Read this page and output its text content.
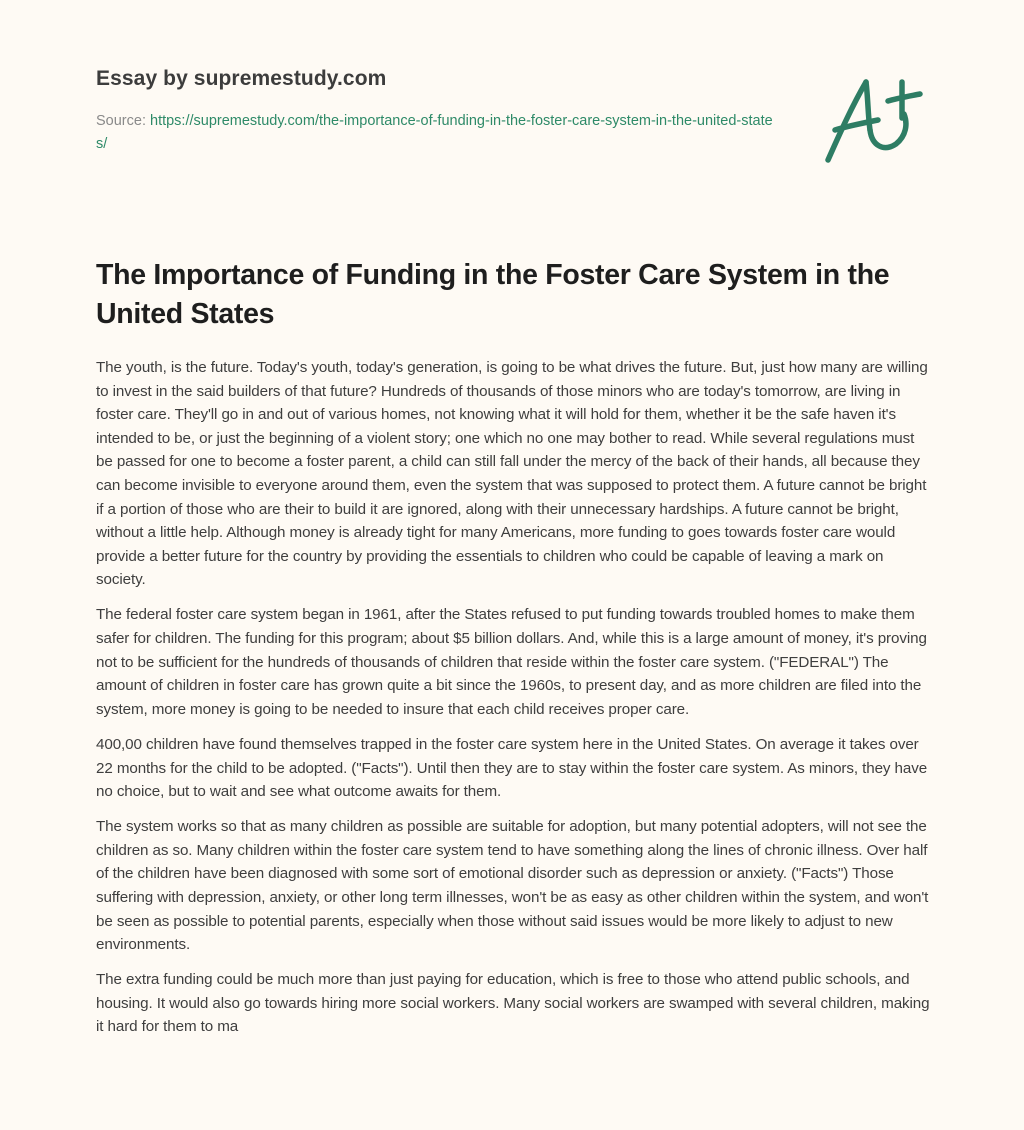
Essay by supremestudy.com
Source: https://supremestudy.com/the-importance-of-funding-in-the-foster-care-system-in-the-united-states/
The Importance of Funding in the Foster Care System in the United States

The youth, is the future. Today's youth, today's generation, is going to be what drives the future. But, just how many are willing to invest in the said builders of that future? Hundreds of thousands of those minors who are today's tomorrow, are living in foster care. They'll go in and out of various homes, not knowing what it will hold for them, whether it be the safe haven it's intended to be, or just the beginning of a violent story; one which no one may bother to read. While several regulations must be passed for one to become a foster parent, a child can still fall under the mercy of the back of their hands, all because they can become invisible to everyone around them, even the system that was supposed to protect them. A future cannot be bright if a portion of those who are their to build it are ignored, along with their unnecessary hardships. A future cannot be bright, without a little help. Although money is already tight for many Americans, more funding to goes towards foster care would provide a better future for the country by providing the essentials to children who could be capable of leaving a mark on society.

The federal foster care system began in 1961, after the States refused to put funding towards troubled homes to make them safer for children. The funding for this program; about $5 billion dollars. And, while this is a large amount of money, it's proving not to be sufficient for the hundreds of thousands of children that reside within the foster care system. ("FEDERAL") The amount of children in foster care has grown quite a bit since the 1960s, to present day, and as more children are filed into the system, more money is going to be needed to insure that each child receives proper care.

400,00 children have found themselves trapped in the foster care system here in the United States. On average it takes over 22 months for the child to be adopted. ("Facts"). Until then they are to stay within the foster care system. As minors, they have no choice, but to wait and see what outcome awaits for them.

The system works so that as many children as possible are suitable for adoption, but many potential adopters, will not see the children as so. Many children within the foster care system tend to have something along the lines of chronic illness. Over half of the children have been diagnosed with some sort of emotional disorder such as depression or anxiety. ("Facts") Those suffering with depression, anxiety, or other long term illnesses, won't be as easy as other children within the system, and won't be seen as possible to potential parents, especially when those without said issues would be more likely to adjust to new environments.

The extra funding could be much more than just paying for education, which is free to those who attend public schools, and housing. It would also go towards hiring more social workers. Many social workers are swamped with several children, making it hard for them to ma
